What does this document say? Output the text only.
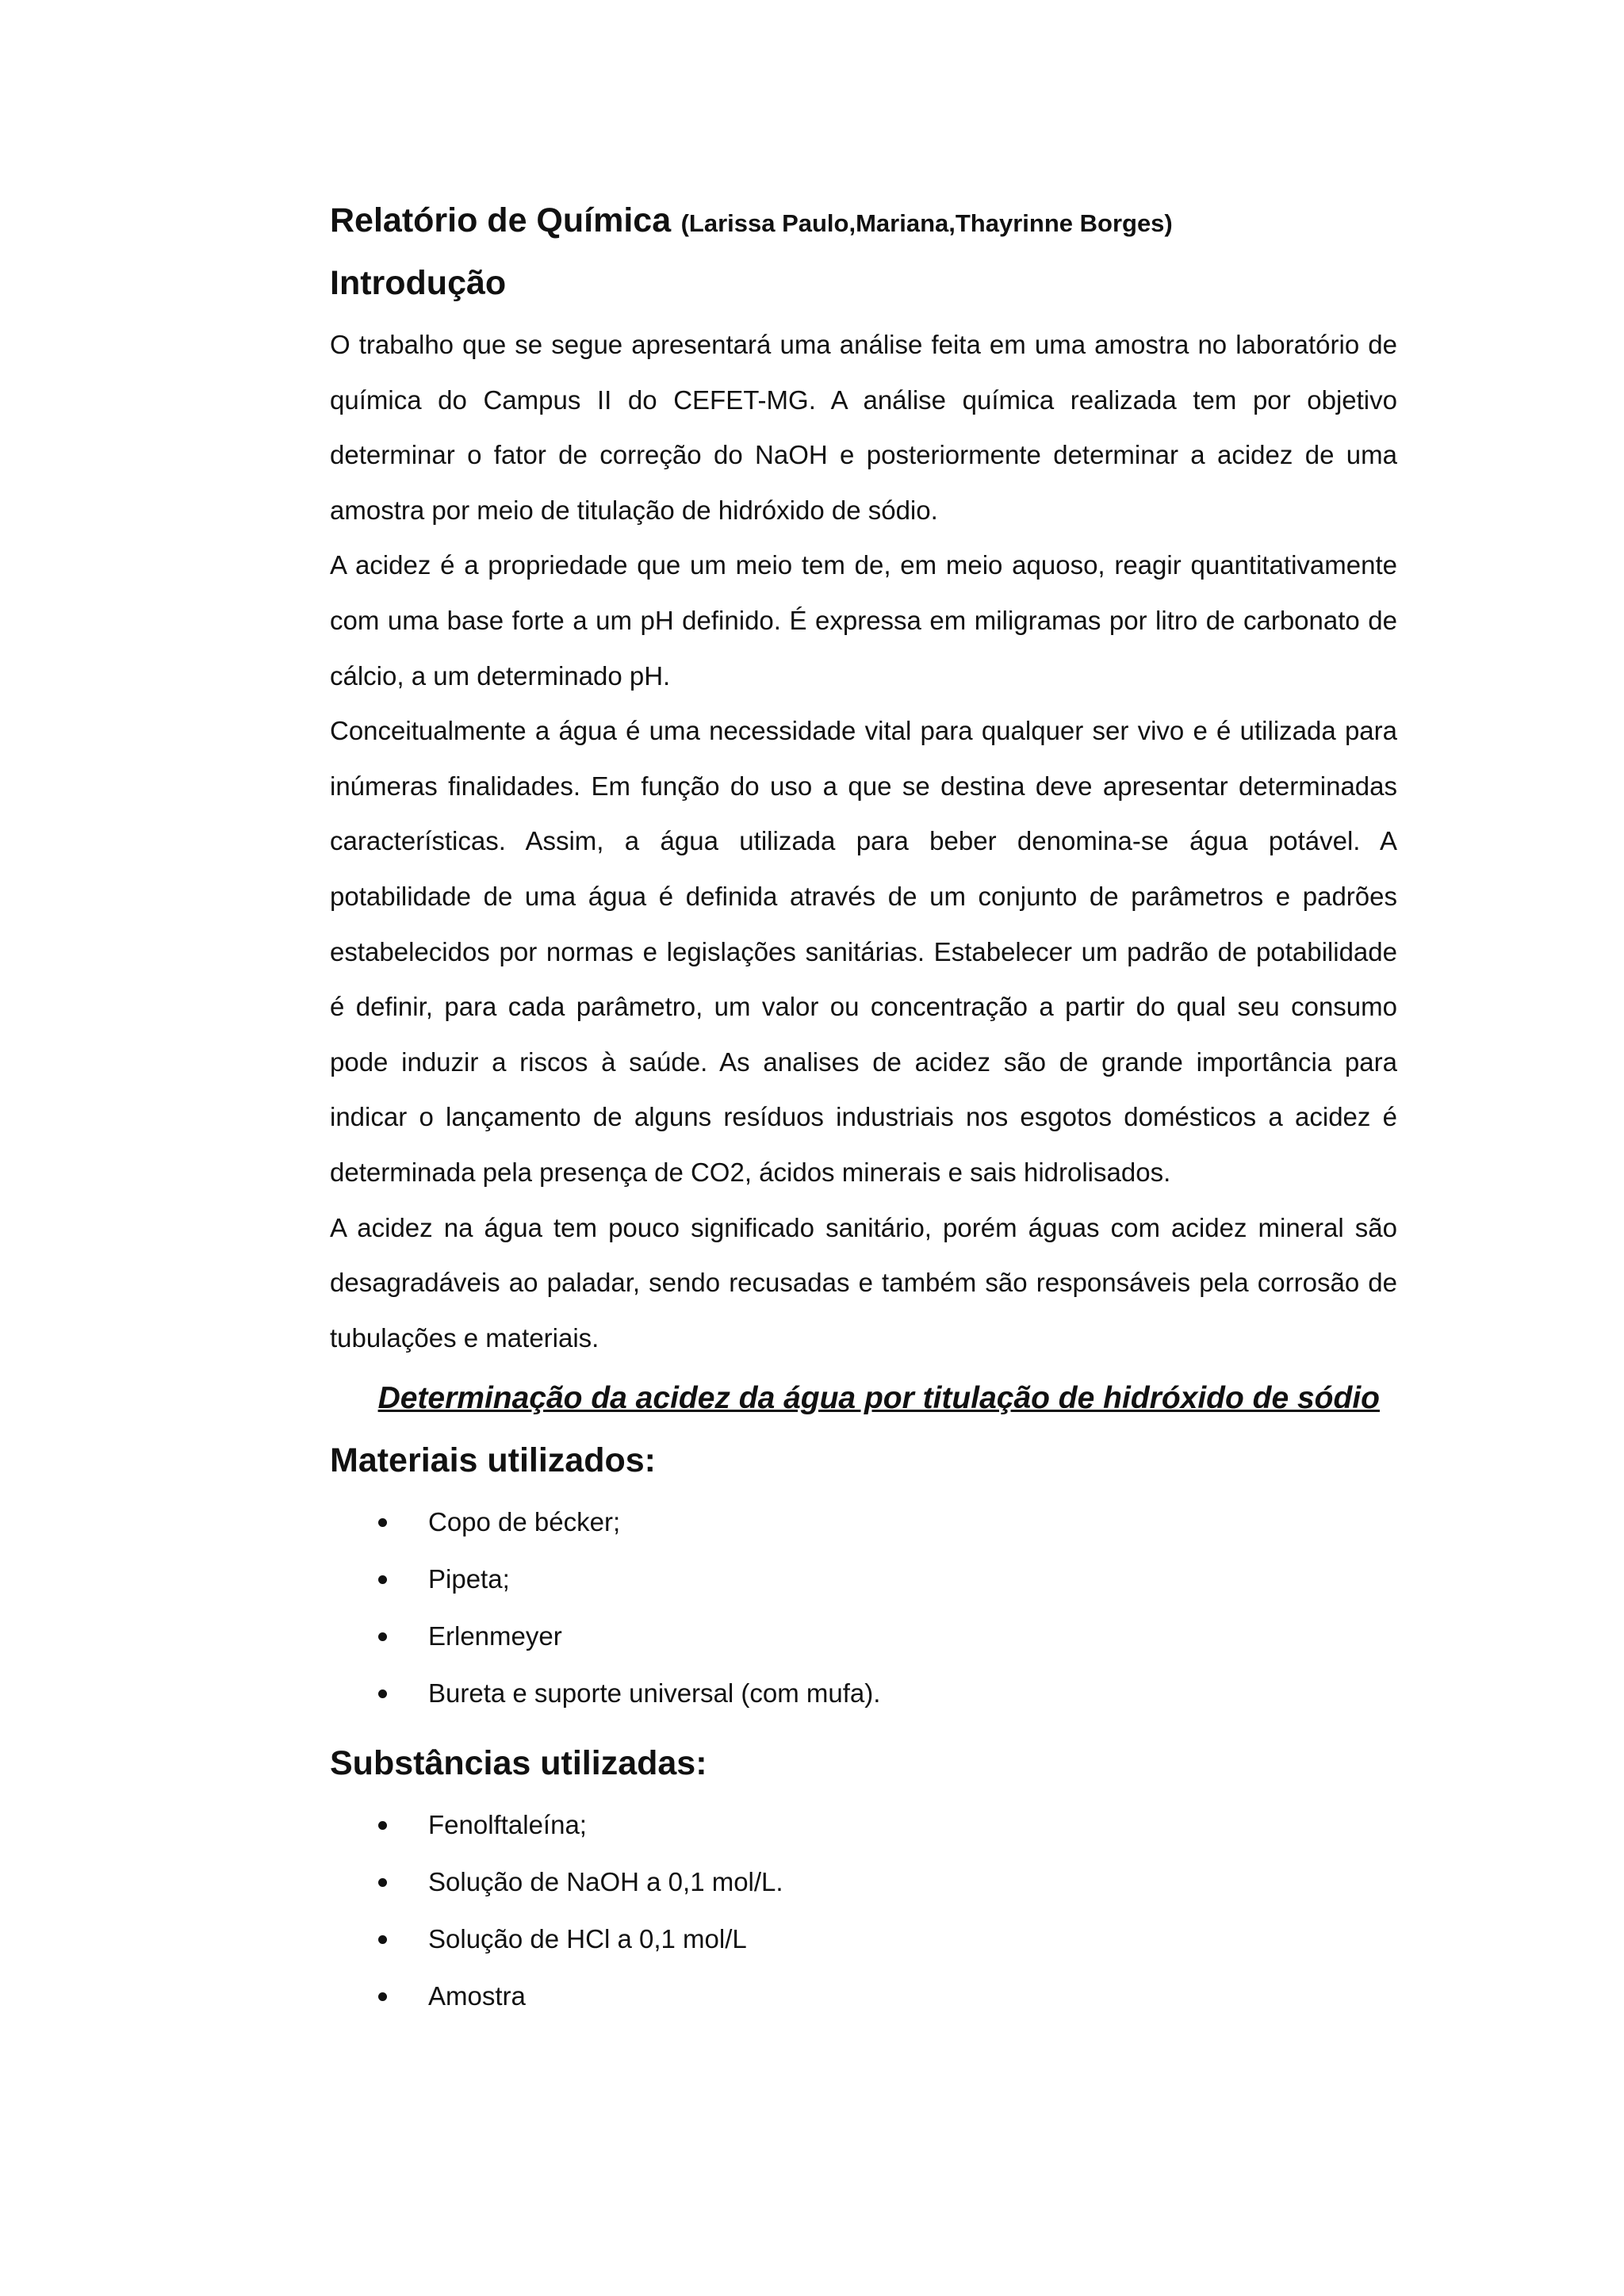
Relatório de Química (Larissa Paulo,Mariana,Thayrinne Borges)

Introdução

O trabalho que se segue apresentará uma análise feita em uma amostra no laboratório de química do Campus II do CEFET-MG. A análise química realizada tem por objetivo determinar o fator de correção do NaOH e posteriormente determinar a acidez de uma amostra por meio de titulação de hidróxido de sódio.

A acidez é a propriedade que um meio tem de, em meio aquoso, reagir quantitativamente com uma base forte a um pH definido. É expressa em miligramas por litro de carbonato de cálcio, a um determinado pH.

Conceitualmente a água é uma necessidade vital para qualquer ser vivo e é utilizada para inúmeras finalidades. Em função do uso a que se destina deve apresentar determinadas características. Assim, a água utilizada para beber denomina-se água potável. A potabilidade de uma água é definida através de um conjunto de parâmetros e padrões estabelecidos por normas e legislações sanitárias. Estabelecer um padrão de potabilidade é definir, para cada parâmetro, um valor ou concentração a partir do qual seu consumo pode induzir a riscos à saúde. As analises de acidez são de grande importância para indicar o lançamento de alguns resíduos industriais nos esgotos domésticos a acidez é determinada pela presença de CO2, ácidos minerais e sais hidrolisados.

A acidez na água tem pouco significado sanitário, porém águas com acidez mineral são desagradáveis ao paladar, sendo recusadas e também são responsáveis pela corrosão de tubulações e materiais.

Determinação da acidez da água por titulação de hidróxido de sódio

Materiais utilizados:
Copo de bécker;
Pipeta;
Erlenmeyer
Bureta e suporte universal (com mufa).
Substâncias utilizadas:
Fenolftaleína;
Solução de NaOH a 0,1 mol/L.
Solução de HCl a 0,1 mol/L
Amostra
